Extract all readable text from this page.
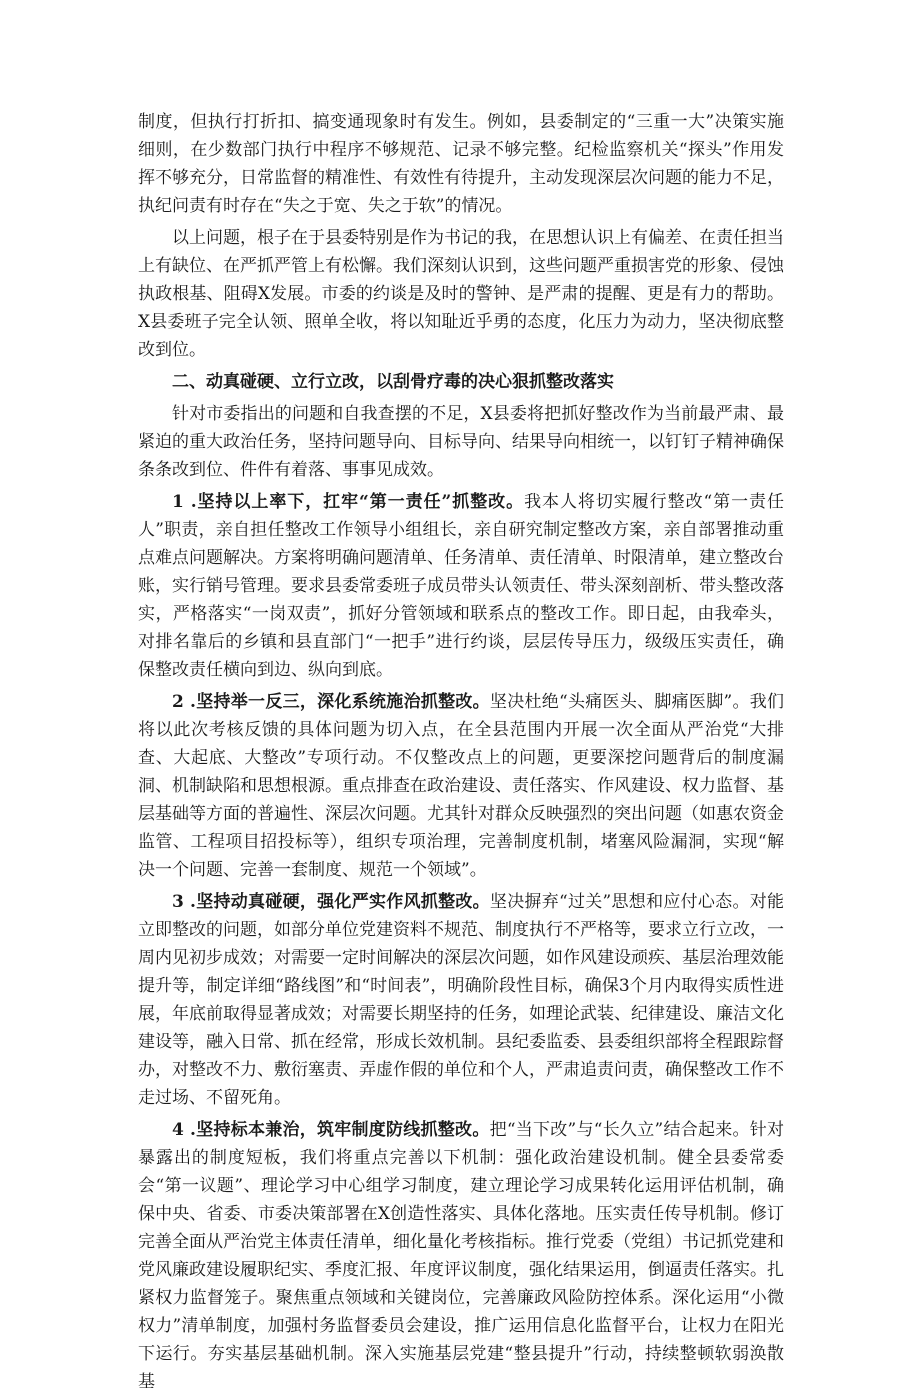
制度，但执行打折扣、搞变通现象时有发生。例如，县委制定的“三重一大”决策实施细则，在少数部门执行中程序不够规范、记录不够完整。纪检监察机关“探头”作用发挥不够充分，日常监督的精准性、有效性有待提升，主动发现深层次问题的能力不足，执纪问责有时存在“失之于宽、失之于软”的情况。

以上问题，根子在于县委特别是作为书记的我，在思想认识上有偏差、在责任担当上有缺位、在严抓严管上有松懈。我们深刻认识到，这些问题严重损害党的形象、侵蚀执政根基、阻碍X发展。市委的约谈是及时的警钟、是严肃的提醒、更是有力的帮助。X县委班子完全认领、照单全收，将以知耻近乎勇的态度，化压力为动力，坚决彻底整改到位。

二、动真碰硬、立行立改，以刮骨疗毒的决心狠抓整改落实

针对市委指出的问题和自我查摆的不足，X县委将把抓好整改作为当前最严肃、最紧迫的重大政治任务，坚持问题导向、目标导向、结果导向相统一，以钉钉子精神确保条条改到位、件件有着落、事事见成效。

1 .坚持以上率下，扛牢“第一责任”抓整改。我本人将切实履行整改“第一责任人”职责，亲自担任整改工作领导小组组长，亲自研究制定整改方案，亲自部署推动重点难点问题解决。方案将明确问题清单、任务清单、责任清单、时限清单，建立整改台账，实行销号管理。要求县委常委班子成员带头认领责任、带头深刻剖析、带头整改落实，严格落实“一岗双责”，抓好分管领域和联系点的整改工作。即日起，由我牵头，对排名靠后的乡镇和县直部门“一把手”进行约谈，层层传导压力，级级压实责任，确保整改责任横向到边、纵向到底。

2 .坚持举一反三，深化系统施治抓整改。坚决杜绝“头痛医头、脚痛医脚”。我们将以此次考核反馈的具体问题为切入点，在全县范围内开展一次全面从严治党“大排查、大起底、大整改”专项行动。不仅整改点上的问题，更要深挖问题背后的制度漏洞、机制缺陷和思想根源。重点排查在政治建设、责任落实、作风建设、权力监督、基层基础等方面的普遍性、深层次问题。尤其针对群众反映强烈的突出问题（如惠农资金监管、工程项目招投标等），组织专项治理，完善制度机制，堵塞风险漏洞，实现“解决一个问题、完善一套制度、规范一个领域”。

3 .坚持动真碰硬，强化严实作风抓整改。坚决摒弃“过关”思想和应付心态。对能立即整改的问题，如部分单位党建资料不规范、制度执行不严格等，要求立行立改，一周内见初步成效；对需要一定时间解决的深层次问题，如作风建设顽疾、基层治理效能提升等，制定详细“路线图”和“时间表”，明确阶段性目标，确保3个月内取得实质性进展，年底前取得显著成效；对需要长期坚持的任务，如理论武装、纪律建设、廉洁文化建设等，融入日常、抓在经常，形成长效机制。县纪委监委、县委组织部将全程跟踪督办，对整改不力、敷衍塞责、弄虚作假的单位和个人，严肃追责问责，确保整改工作不走过场、不留死角。

4 .坚持标本兼治，筑牢制度防线抓整改。把“当下改”与“长久立”结合起来。针对暴露出的制度短板，我们将重点完善以下机制：强化政治建设机制。健全县委常委会“第一议题”、理论学习中心组学习制度，建立理论学习成果转化运用评估机制，确保中央、省委、市委决策部署在X创造性落实、具体化落地。压实责任传导机制。修订完善全面从严治党主体责任清单，细化量化考核指标。推行党委（党组）书记抓党建和党风廉政建设履职纪实、季度汇报、年度评议制度，强化结果运用，倒逼责任落实。扎紧权力监督笼子。聚焦重点领域和关键岗位，完善廉政风险防控体系。深化运用“小微权力”清单制度，加强村务监督委员会建设，推广运用信息化监督平台，让权力在阳光下运行。夯实基层基础机制。深入实施基层党建“整县提升”行动，持续整顿软弱涣散基
